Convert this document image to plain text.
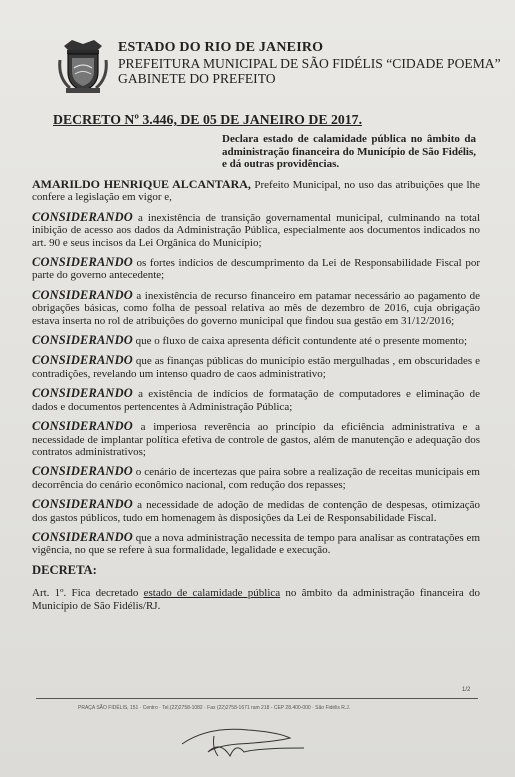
ESTADO DO RIO DE JANEIRO
PREFEITURA MUNICIPAL DE SÃO FIDÉLIS “CIDADE POEMA”
GABINETE DO PREFEITO
DECRETO Nº 3.446, DE 05 DE JANEIRO DE 2017.
Declara estado de calamidade pública no âmbito da administração financeira do Município de São Fidélis, e dá outras providências.

AMARILDO HENRIQUE ALCANTARA, Prefeito Municipal, no uso das atribuições que lhe confere a legislação em vigor e,

CONSIDERANDO a inexistência de transição governamental municipal, culminando na total inibição de acesso aos dados da Administração Pública, especialmente aos documentos indicados no art. 90 e seus incisos da Lei Orgânica do Município;

CONSIDERANDO os fortes indícios de descumprimento da Lei de Responsabilidade Fiscal por parte do governo antecedente;

CONSIDERANDO a inexistência de recurso financeiro em patamar necessário ao pagamento de obrigações básicas, como folha de pessoal relativa ao mês de dezembro de 2016, cuja obrigação estava inserta no rol de atribuições do governo municipal que findou sua gestão em 31/12/2016;

CONSIDERANDO que o fluxo de caixa apresenta déficit contundente até o presente momento;

CONSIDERANDO que as finanças públicas do município estão mergulhadas , em obscuridades e contradições, revelando um intenso quadro de caos administrativo;

CONSIDERANDO a existência de indícios de formatação de computadores e eliminação de dados e documentos pertencentes à Administração Pública;

CONSIDERANDO a imperiosa reverência ao princípio da eficiência administrativa e a necessidade de implantar política efetiva de controle de gastos, além de manutenção e adequação dos contratos administrativos;

CONSIDERANDO o cenário de incertezas que paira sobre a realização de receitas municipais em decorrência do cenário econômico nacional, com redução dos repasses;

CONSIDERANDO a necessidade de adoção de medidas de contenção de despesas, otimização dos gastos públicos, tudo em homenagem às disposições da Lei de Responsabilidade Fiscal.

CONSIDERANDO que a nova administração necessita de tempo para analisar as contratações em vigência, no que se refere à sua formalidade, legalidade e execução.

DECRETA:

Art. 1º. Fica decretado estado de calamidade pública no âmbito da administração financeira do Município de São Fidélis/RJ.

1/2
PRAÇA SÃO FIDÉLIS, 151 · Centro · Tel.(22)2758-1082 · Fax (22)2758-1671 ram 218 - CEP 28.400-000 · São Fidélis R.J.
